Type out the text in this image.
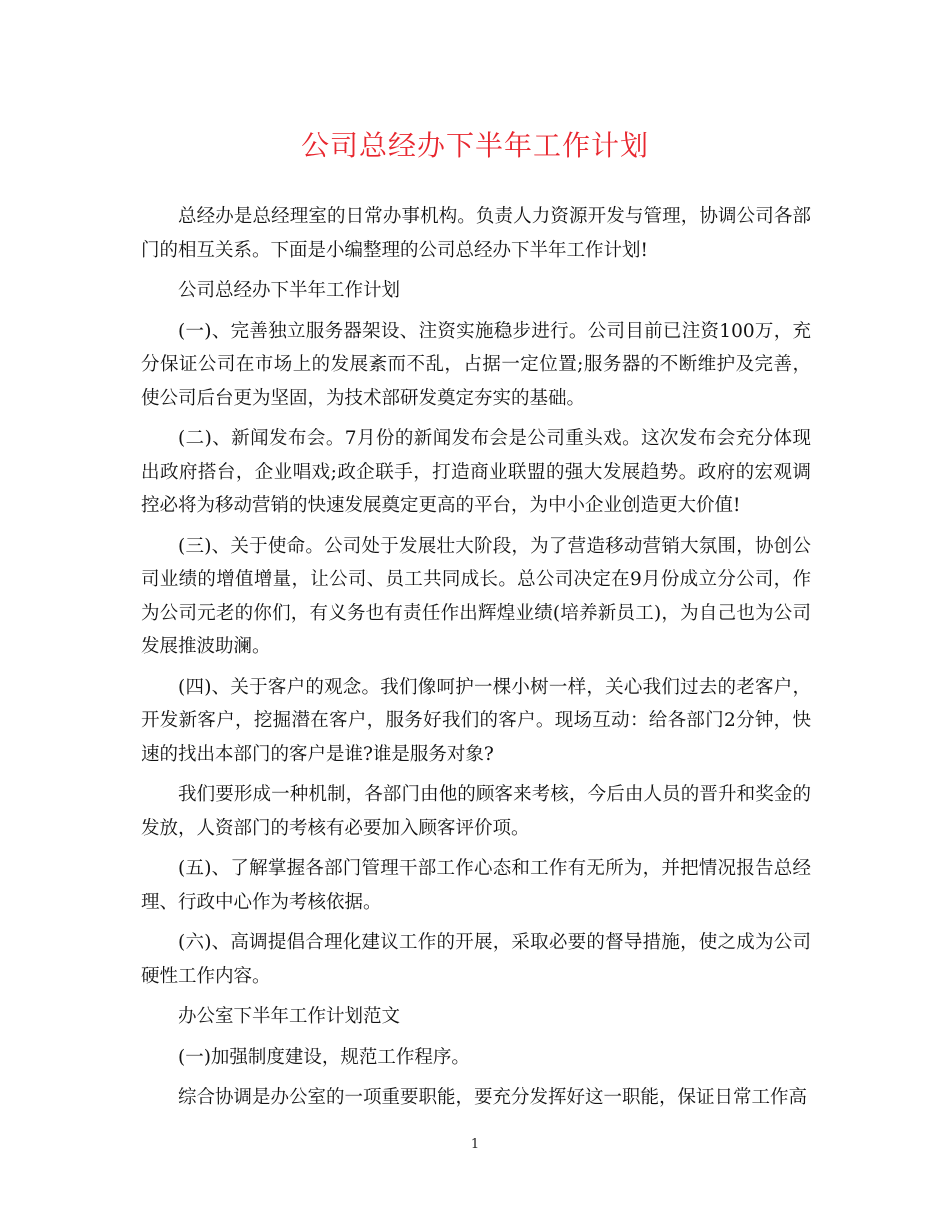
公司总经办下半年工作计划

总经办是总经理室的日常办事机构。负责人力资源开发与管理，协调公司各部门的相互关系。下面是小编整理的公司总经办下半年工作计划!

公司总经办下半年工作计划

(一)、完善独立服务器架设、注资实施稳步进行。公司目前已注资100万，充分保证公司在市场上的发展紊而不乱，占据一定位置;服务器的不断维护及完善，使公司后台更为坚固，为技术部研发奠定夯实的基础。

(二)、新闻发布会。7月份的新闻发布会是公司重头戏。这次发布会充分体现出政府搭台，企业唱戏;政企联手，打造商业联盟的强大发展趋势。政府的宏观调控必将为移动营销的快速发展奠定更高的平台，为中小企业创造更大价值!

(三)、关于使命。公司处于发展壮大阶段，为了营造移动营销大氛围，协创公司业绩的增值增量，让公司、员工共同成长。总公司决定在9月份成立分公司，作为公司元老的你们，有义务也有责任作出辉煌业绩(培养新员工)，为自己也为公司发展推波助澜。

(四)、关于客户的观念。我们像呵护一棵小树一样，关心我们过去的老客户，开发新客户，挖掘潜在客户，服务好我们的客户。现场互动：给各部门2分钟，快速的找出本部门的客户是谁?谁是服务对象?

我们要形成一种机制，各部门由他的顾客来考核，今后由人员的晋升和奖金的发放，人资部门的考核有必要加入顾客评价项。

(五)、了解掌握各部门管理干部工作心态和工作有无所为，并把情况报告总经理、行政中心作为考核依据。

(六)、高调提倡合理化建议工作的开展，采取必要的督导措施，使之成为公司硬性工作内容。

办公室下半年工作计划范文

(一)加强制度建设，规范工作程序。

综合协调是办公室的一项重要职能，要充分发挥好这一职能，保证日常工作高

1
